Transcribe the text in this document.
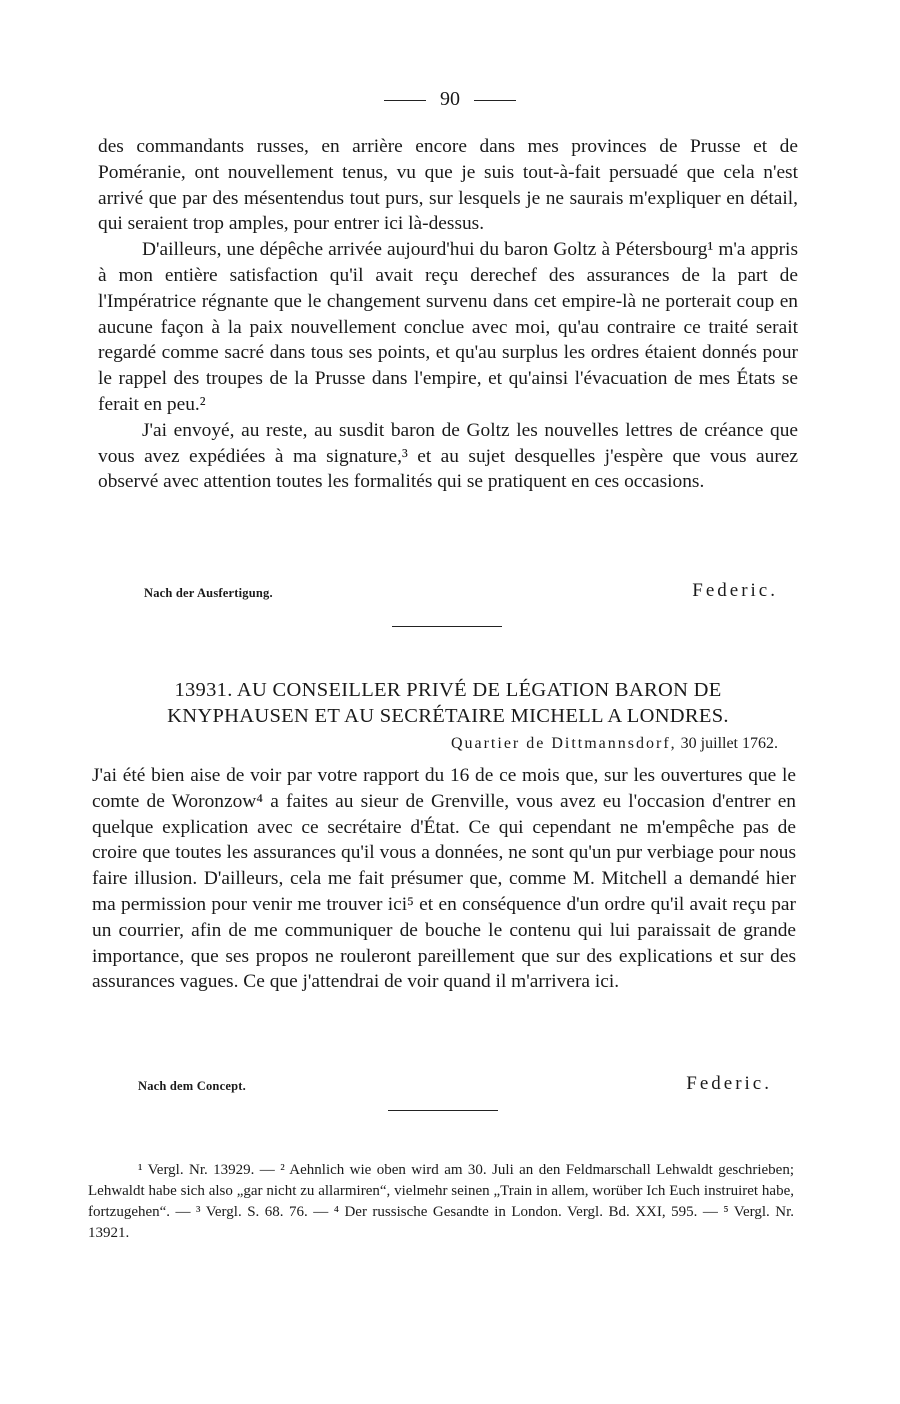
90

des commandants russes, en arrière encore dans mes provinces de Prusse et de Poméranie, ont nouvellement tenus, vu que je suis tout-à-fait persuadé que cela n'est arrivé que par des mésentendus tout purs, sur lesquels je ne saurais m'expliquer en détail, qui seraient trop amples, pour entrer ici là-dessus.

D'ailleurs, une dépêche arrivée aujourd'hui du baron Goltz à Pétersbourg¹ m'a appris à mon entière satisfaction qu'il avait reçu derechef des assurances de la part de l'Impératrice régnante que le changement survenu dans cet empire-là ne porterait coup en aucune façon à la paix nouvellement conclue avec moi, qu'au contraire ce traité serait regardé comme sacré dans tous ses points, et qu'au surplus les ordres étaient donnés pour le rappel des troupes de la Prusse dans l'empire, et qu'ainsi l'évacuation de mes États se ferait en peu.²

J'ai envoyé, au reste, au susdit baron de Goltz les nouvelles lettres de créance que vous avez expédiées à ma signature,³ et au sujet desquelles j'espère que vous aurez observé avec attention toutes les formalités qui se pratiquent en ces occasions.

Nach der Ausfertigung.	Federic.
13931. AU CONSEILLER PRIVÉ DE LÉGATION BARON DE
KNYPHAUSEN ET AU SECRÉTAIRE MICHELL A LONDRES.
Quartier de Dittmannsdorf, 30 juillet 1762.

J'ai été bien aise de voir par votre rapport du 16 de ce mois que, sur les ouvertures que le comte de Woronzow⁴ a faites au sieur de Grenville, vous avez eu l'occasion d'entrer en quelque explication avec ce secrétaire d'État. Ce qui cependant ne m'empêche pas de croire que toutes les assurances qu'il vous a données, ne sont qu'un pur verbiage pour nous faire illusion. D'ailleurs, cela me fait présumer que, comme M. Mitchell a demandé hier ma permission pour venir me trouver ici⁵ et en conséquence d'un ordre qu'il avait reçu par un courrier, afin de me communiquer de bouche le contenu qui lui paraissait de grande importance, que ses propos ne rouleront pareillement que sur des explications et sur des assurances vagues. Ce que j'attendrai de voir quand il m'arrivera ici.

Nach dem Concept.	Federic.

¹ Vergl. Nr. 13929. — ² Aehnlich wie oben wird am 30. Juli an den Feldmarschall Lehwaldt geschrieben; Lehwaldt habe sich also „gar nicht zu allarmiren“, vielmehr seinen „Train in allem, worüber Ich Euch instruiret habe, fortzugehen“. — ³ Vergl. S. 68. 76. — ⁴ Der russische Gesandte in London. Vergl. Bd. XXI, 595. — ⁵ Vergl. Nr. 13921.
